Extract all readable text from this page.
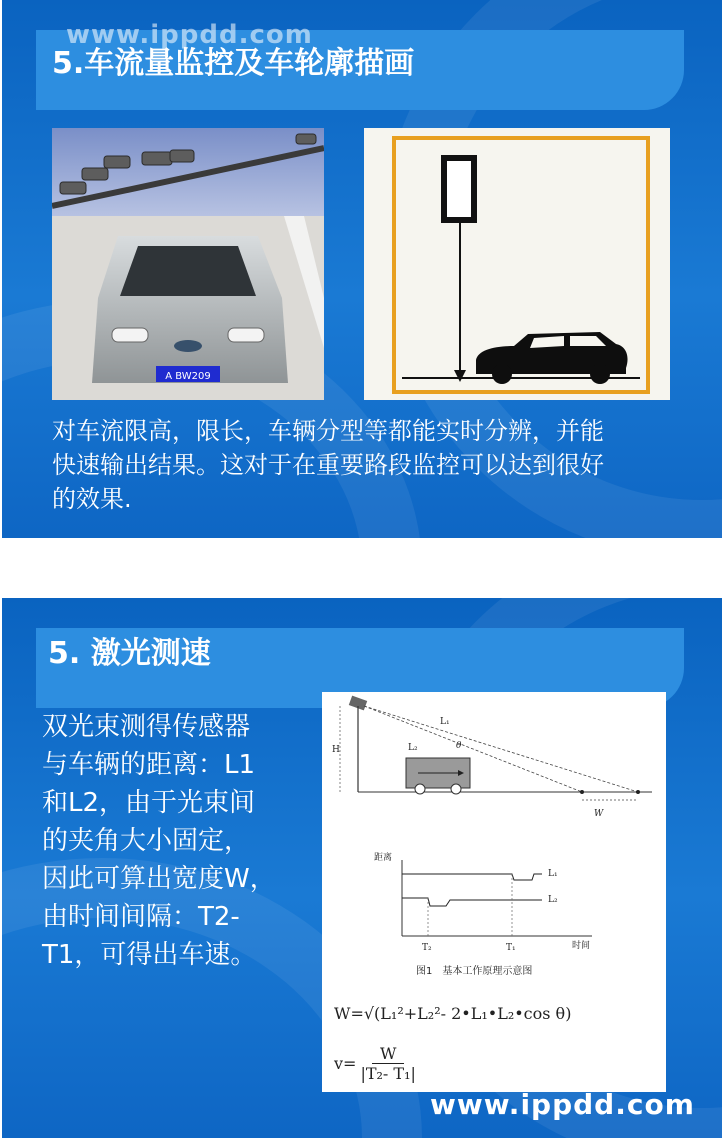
5.车流量监控及车轮廓描画
A BW209
对车流限高，限长，车辆分型等都能实时分辨，并能
快速输出结果。这对于在重要路段监控可以达到很好
的效果.
5. 激光测速
双光束测得传感器
与车辆的距离：L1
和L2，由于光束间
的夹角大小固定，
因此可算出宽度W，
由时间间隔：T2-
T1，可得出车速。
H
L₁
L₂	θ
W
距离
时间
L₁
L₂
T₂	T₁
图1　基本工作原理示意图
W=√(L₁²+L₂²- 2•L₁•L₂•cos θ)
$v= \frac{W}{\text{|T₂- T₁|}}$
www.ippdd.com
www.ippdd.com
